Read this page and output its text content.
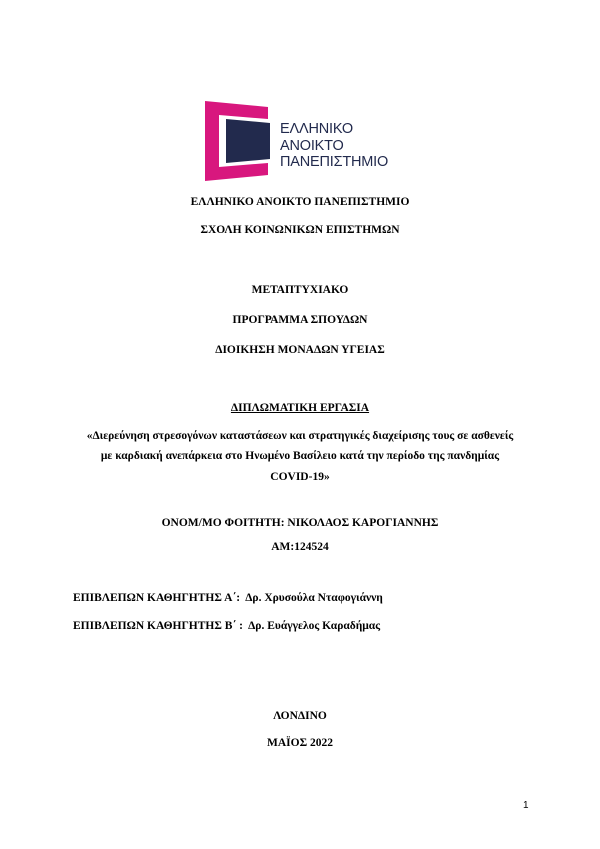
ΕΛΛΗΝΙΚΟ
ΑΝΟΙΚΤΟ
ΠΑΝΕΠΙΣΤΗΜΙΟ
ΕΛΛΗΝΙΚΟ ΑΝΟΙΚΤΟ ΠΑΝΕΠΙΣΤΗΜΙΟ
ΣΧΟΛΗ ΚΟΙΝΩΝΙΚΩΝ ΕΠΙΣΤΗΜΩΝ
ΜΕΤΑΠΤΥΧΙΑΚΟ
ΠΡΟΓΡΑΜΜΑ ΣΠΟΥΔΩΝ
ΔΙΟΙΚΗΣΗ ΜΟΝΑΔΩΝ ΥΓΕΙΑΣ
ΔΙΠΛΩΜΑΤΙΚΗ ΕΡΓΑΣΙΑ
«Διερεύνηση στρεσογόνων καταστάσεων και στρατηγικές διαχείρισης τους σε ασθενείς
με καρδιακή ανεπάρκεια στο Ηνωμένο Βασίλειο κατά την περίοδο της πανδημίας
COVID-19»
ΟΝΟΜ/ΜΟ ΦΟΙΤΗΤΗ: ΝΙΚΟΛΑΟΣ ΚΑΡΟΓΙΑΝΝΗΣ
ΑΜ:124524
ΕΠΙΒΛΕΠΩΝ ΚΑΘΗΓΗΤΗΣ Α΄: Δρ. Χρυσούλα Νταφογιάννη
ΕΠΙΒΛΕΠΩΝ ΚΑΘΗΓΗΤΗΣ Β΄ : Δρ. Ευάγγελος Καραδήμας
ΛΟΝΔΙΝΟ
ΜΑΪΟΣ 2022
1
